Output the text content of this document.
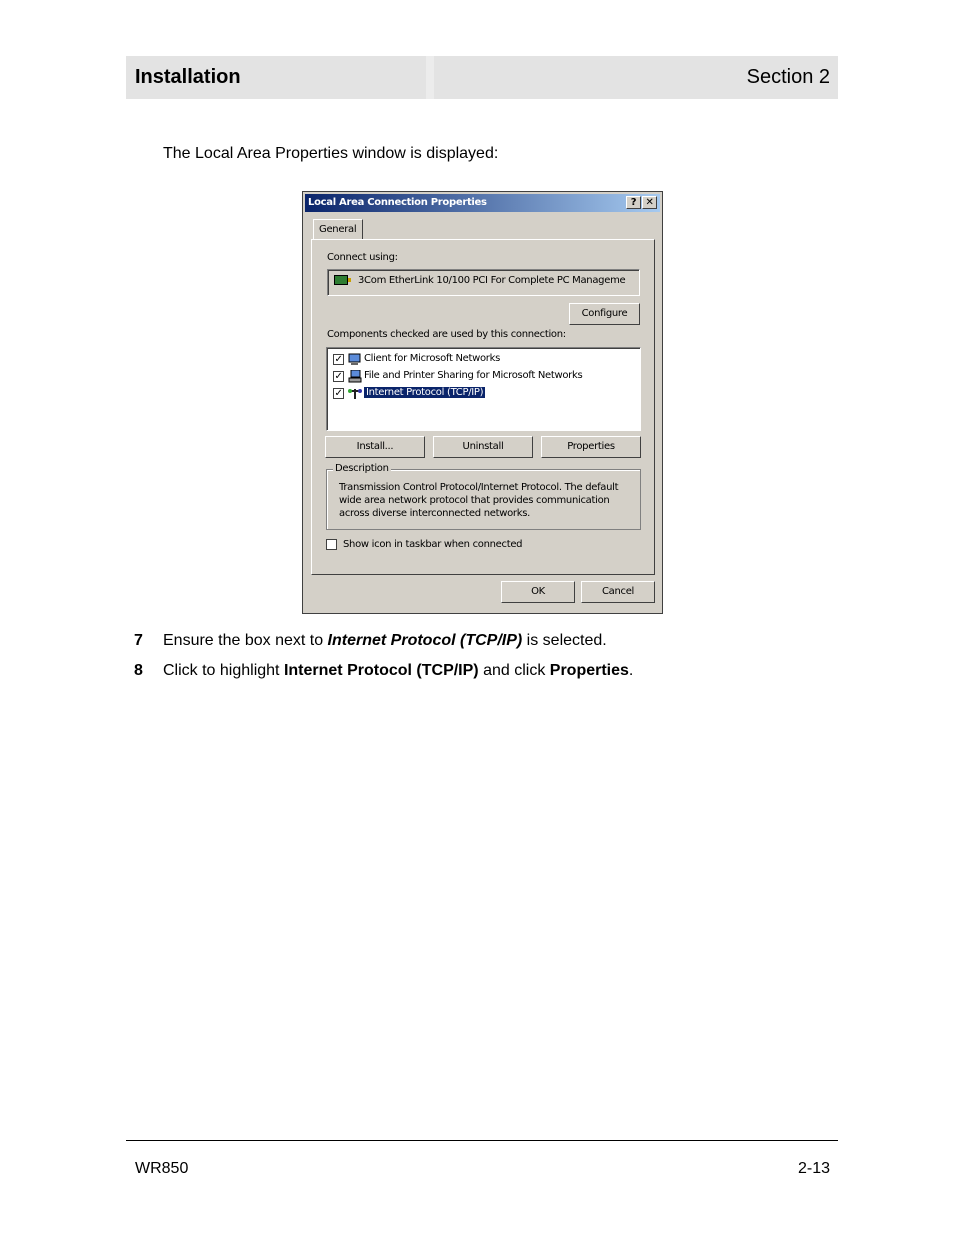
Installation	Section 2
The Local Area Properties window is displayed:
Local Area Connection Properties	? ✕
General
Connect using:
3Com EtherLink 10/100 PCI For Complete PC Manageme
Configure
Components checked are used by this connection:
✓ Client for Microsoft Networks
✓ File and Printer Sharing for Microsoft Networks
✓ Internet Protocol (TCP/IP)
Install...	Uninstall	Properties
Description
Transmission Control Protocol/Internet Protocol. The default wide area network protocol that provides communication across diverse interconnected networks.
Show icon in taskbar when connected
OK	Cancel
7 Ensure the box next to Internet Protocol (TCP/IP) is selected.
8 Click to highlight Internet Protocol (TCP/IP) and click Properties.
WR850	2-13
